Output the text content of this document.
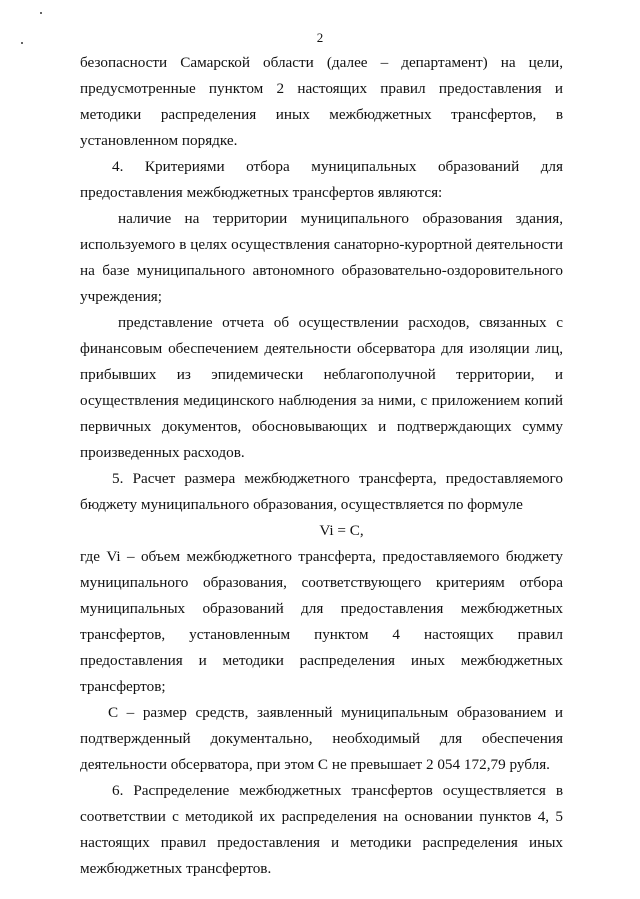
2

безопасности Самарской области (далее – департамент) на цели, предусмотренные пунктом 2 настоящих правил предоставления и методики распределения иных межбюджетных трансфертов, в установленном порядке.

4. Критериями отбора муниципальных образований для предоставления межбюджетных трансфертов являются:

наличие на территории муниципального образования здания, используемого в целях осуществления санаторно-курортной деятельности на базе муниципального автономного образовательно-оздоровительного учреждения;

представление отчета об осуществлении расходов, связанных с финансовым обеспечением деятельности обсерватора для изоляции лиц, прибывших из эпидемически неблагополучной территории, и осуществления медицинского наблюдения за ними, с приложением копий первичных документов, обосновывающих и подтверждающих сумму произведенных расходов.

5. Расчет размера межбюджетного трансферта, предоставляемого бюджету муниципального образования, осуществляется по формуле

Vi = C,

где Vi – объем межбюджетного трансферта, предоставляемого бюджету муниципального образования, соответствующего критериям отбора муниципальных образований для предоставления межбюджетных трансфертов, установленным пунктом 4 настоящих правил предоставления и методики распределения иных межбюджетных трансфертов;

С – размер средств, заявленный муниципальным образованием и подтвержденный документально, необходимый для обеспечения деятельности обсерватора, при этом С не превышает 2 054 172,79 рубля.

6. Распределение межбюджетных трансфертов осуществляется в соответствии с методикой их распределения на основании пунктов 4, 5 настоящих правил предоставления и методики распределения иных межбюджетных трансфертов.
